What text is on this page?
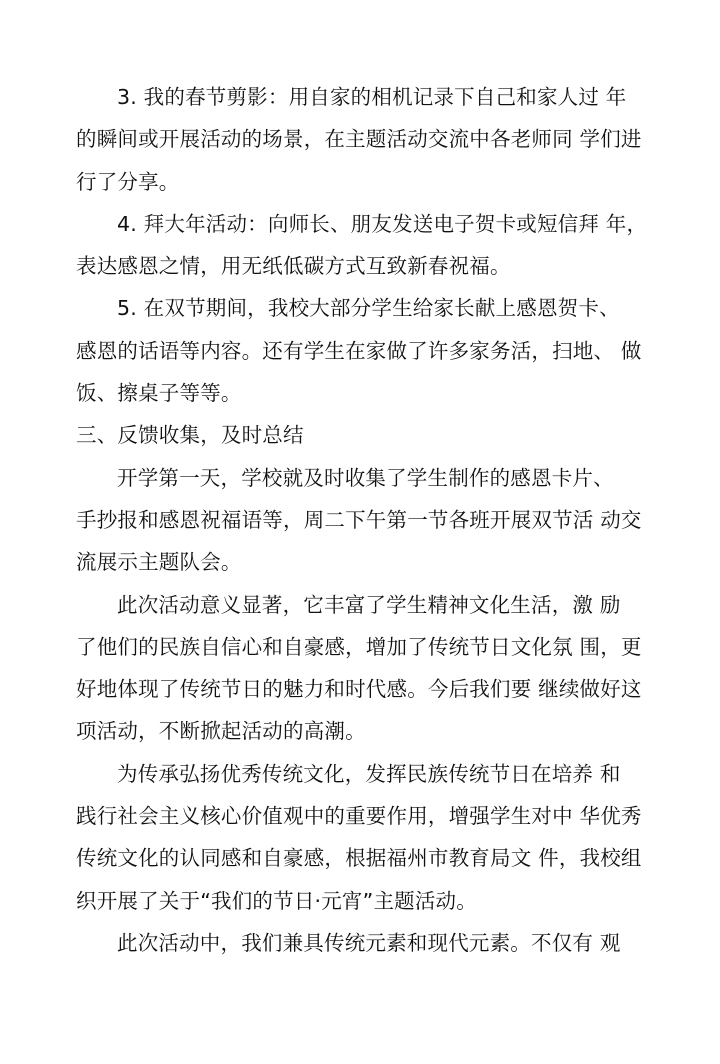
3. 我的春节剪影：用自家的相机记录下自己和家人过 年
的瞬间或开展活动的场景，在主题活动交流中各老师同 学们进
行了分享。

4. 拜大年活动：向师长、朋友发送电子贺卡或短信拜 年，
表达感恩之情，用无纸低碳方式互致新春祝福。

5. 在双节期间，我校大部分学生给家长献上感恩贺卡、
感恩的话语等内容。还有学生在家做了许多家务活，扫地、 做
饭、擦桌子等等。

三、反馈收集，及时总结

开学第一天，学校就及时收集了学生制作的感恩卡片、
手抄报和感恩祝福语等，周二下午第一节各班开展双节活 动交
流展示主题队会。

此次活动意义显著，它丰富了学生精神文化生活，激 励
了他们的民族自信心和自豪感，增加了传统节日文化氛 围，更
好地体现了传统节日的魅力和时代感。今后我们要 继续做好这
项活动，不断掀起活动的高潮。

为传承弘扬优秀传统文化，发挥民族传统节日在培养 和
践行社会主义核心价值观中的重要作用，增强学生对中 华优秀
传统文化的认同感和自豪感，根据福州市教育局文 件，我校组
织开展了关于“我们的节日·元宵”主题活动。

此次活动中，我们兼具传统元素和现代元素。不仅有 观
